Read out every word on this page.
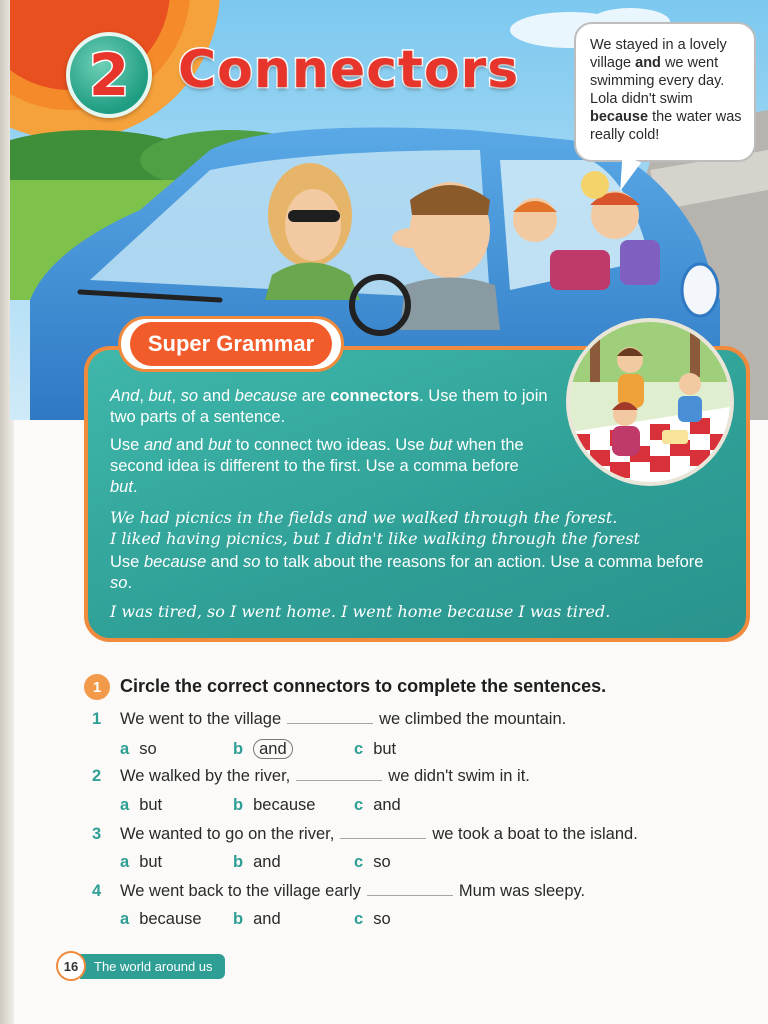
2 Connectors	We stayed in a lovely village and we went swimming every day. Lola didn't swim because the water was really cold!
Super Grammar
And, but, so and because are connectors. Use them to join two parts of a sentence.
Use and and but to connect two ideas. Use but when the second idea is different to the first. Use a comma before but.
We had picnics in the fields and we walked through the forest.
I liked having picnics, but I didn't like walking through the forest
Use because and so to talk about the reasons for an action. Use a comma before so.
I was tired, so I went home. I went home because I was tired.
1	Circle the correct connectors to complete the sentences.
1 We went to the village	we climbed the mountain.
a so	b and	c but
2 We walked by the river,	we didn't swim in it.
a but	b because c and
3 We wanted to go on the river,	we took a boat to the island.
a but	b and	c so
4 We went back to the village early	Mum was sleepy.
a because b and	c so
16	The world around us
